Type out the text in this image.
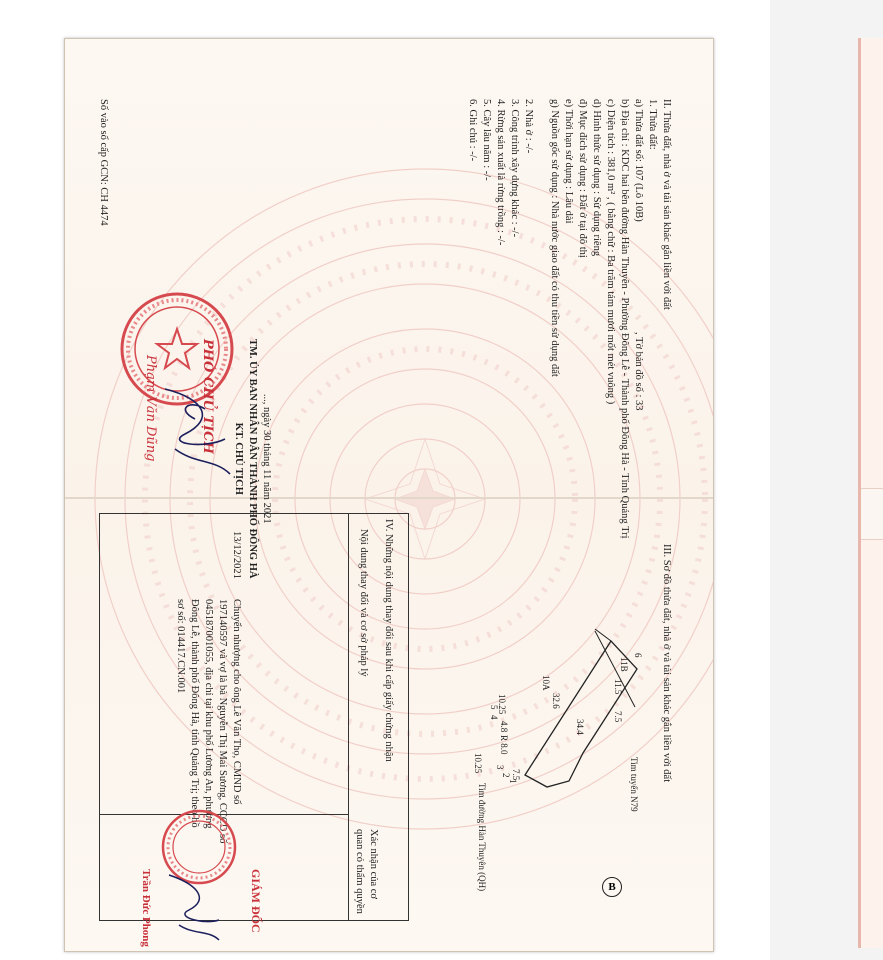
II. Thửa đất, nhà ở và tài sản khác gắn liền với đất
1. Thửa đất:
a) Thửa đất số: 107 (Lô 10B)  , Tờ bản đồ số : 33
b) Địa chỉ : KDC hai bên đường Hàn Thuyên - Phường Đông Lễ - Thành phố Đông Hà - Tỉnh Quảng Trị
c) Diện tích : 381,0 m² , ( bằng chữ : Ba trăm tám mươi mốt mét vuông )
d) Hình thức sử dụng : Sử dụng riêng
đ) Mục đích sử dụng : Đất ở tại đô thị
e) Thời hạn sử dụng : Lâu dài
g) Nguồn gốc sử dụng : Nhà nước giao đất có thu tiền sử dụng đất
2. Nhà ở : -/-
3. Công trình xây dựng khác : -/-
4. Rừng sản xuất là rừng trồng : -/-
5. Cây lâu năm : -/-
6. Ghi chú : -/-
..., ngày 30 tháng 11 năm 2021
TM. ỦY BAN NHÂN DÂN THÀNH PHỐ ĐÔNG HÀ
KT. CHỦ TỊCH
PHÓ CHỦ TỊCH
Phạm Văn Dũng
Số vào sổ cấp GCN: CH 4474
III. Sơ đồ thửa đất, nhà ở và tài sản khác gắn liền với đất
B
11B
10A	11.5
7.5
34.4
32.6
Tim tuyến N79
7.5
R 8.0
4.8
10.25
10.25
Tim đường Hàn Thuyên (QH)
1
2
3
4
5
6
IV. Những nội dung thay đổi sau khi cấp giấy chứng nhận
Nội dung thay đổi và cơ sở pháp lý
Xác nhận của cơ
quan có thẩm quyền
13/12/2021
Chuyển nhượng cho ông Lê Văn Thọ, CMND số
197140597 và vợ là bà Nguyễn Thị Mai Sương, CCCD số
045187001055, địa chỉ tại khu phố Lương An, phường
Đông Lễ, thành phố Đông Hà, tỉnh Quảng Trị; theo hồ
sơ số: 014417.CN.001
GIÁM ĐỐC
Trần Đức Phong
